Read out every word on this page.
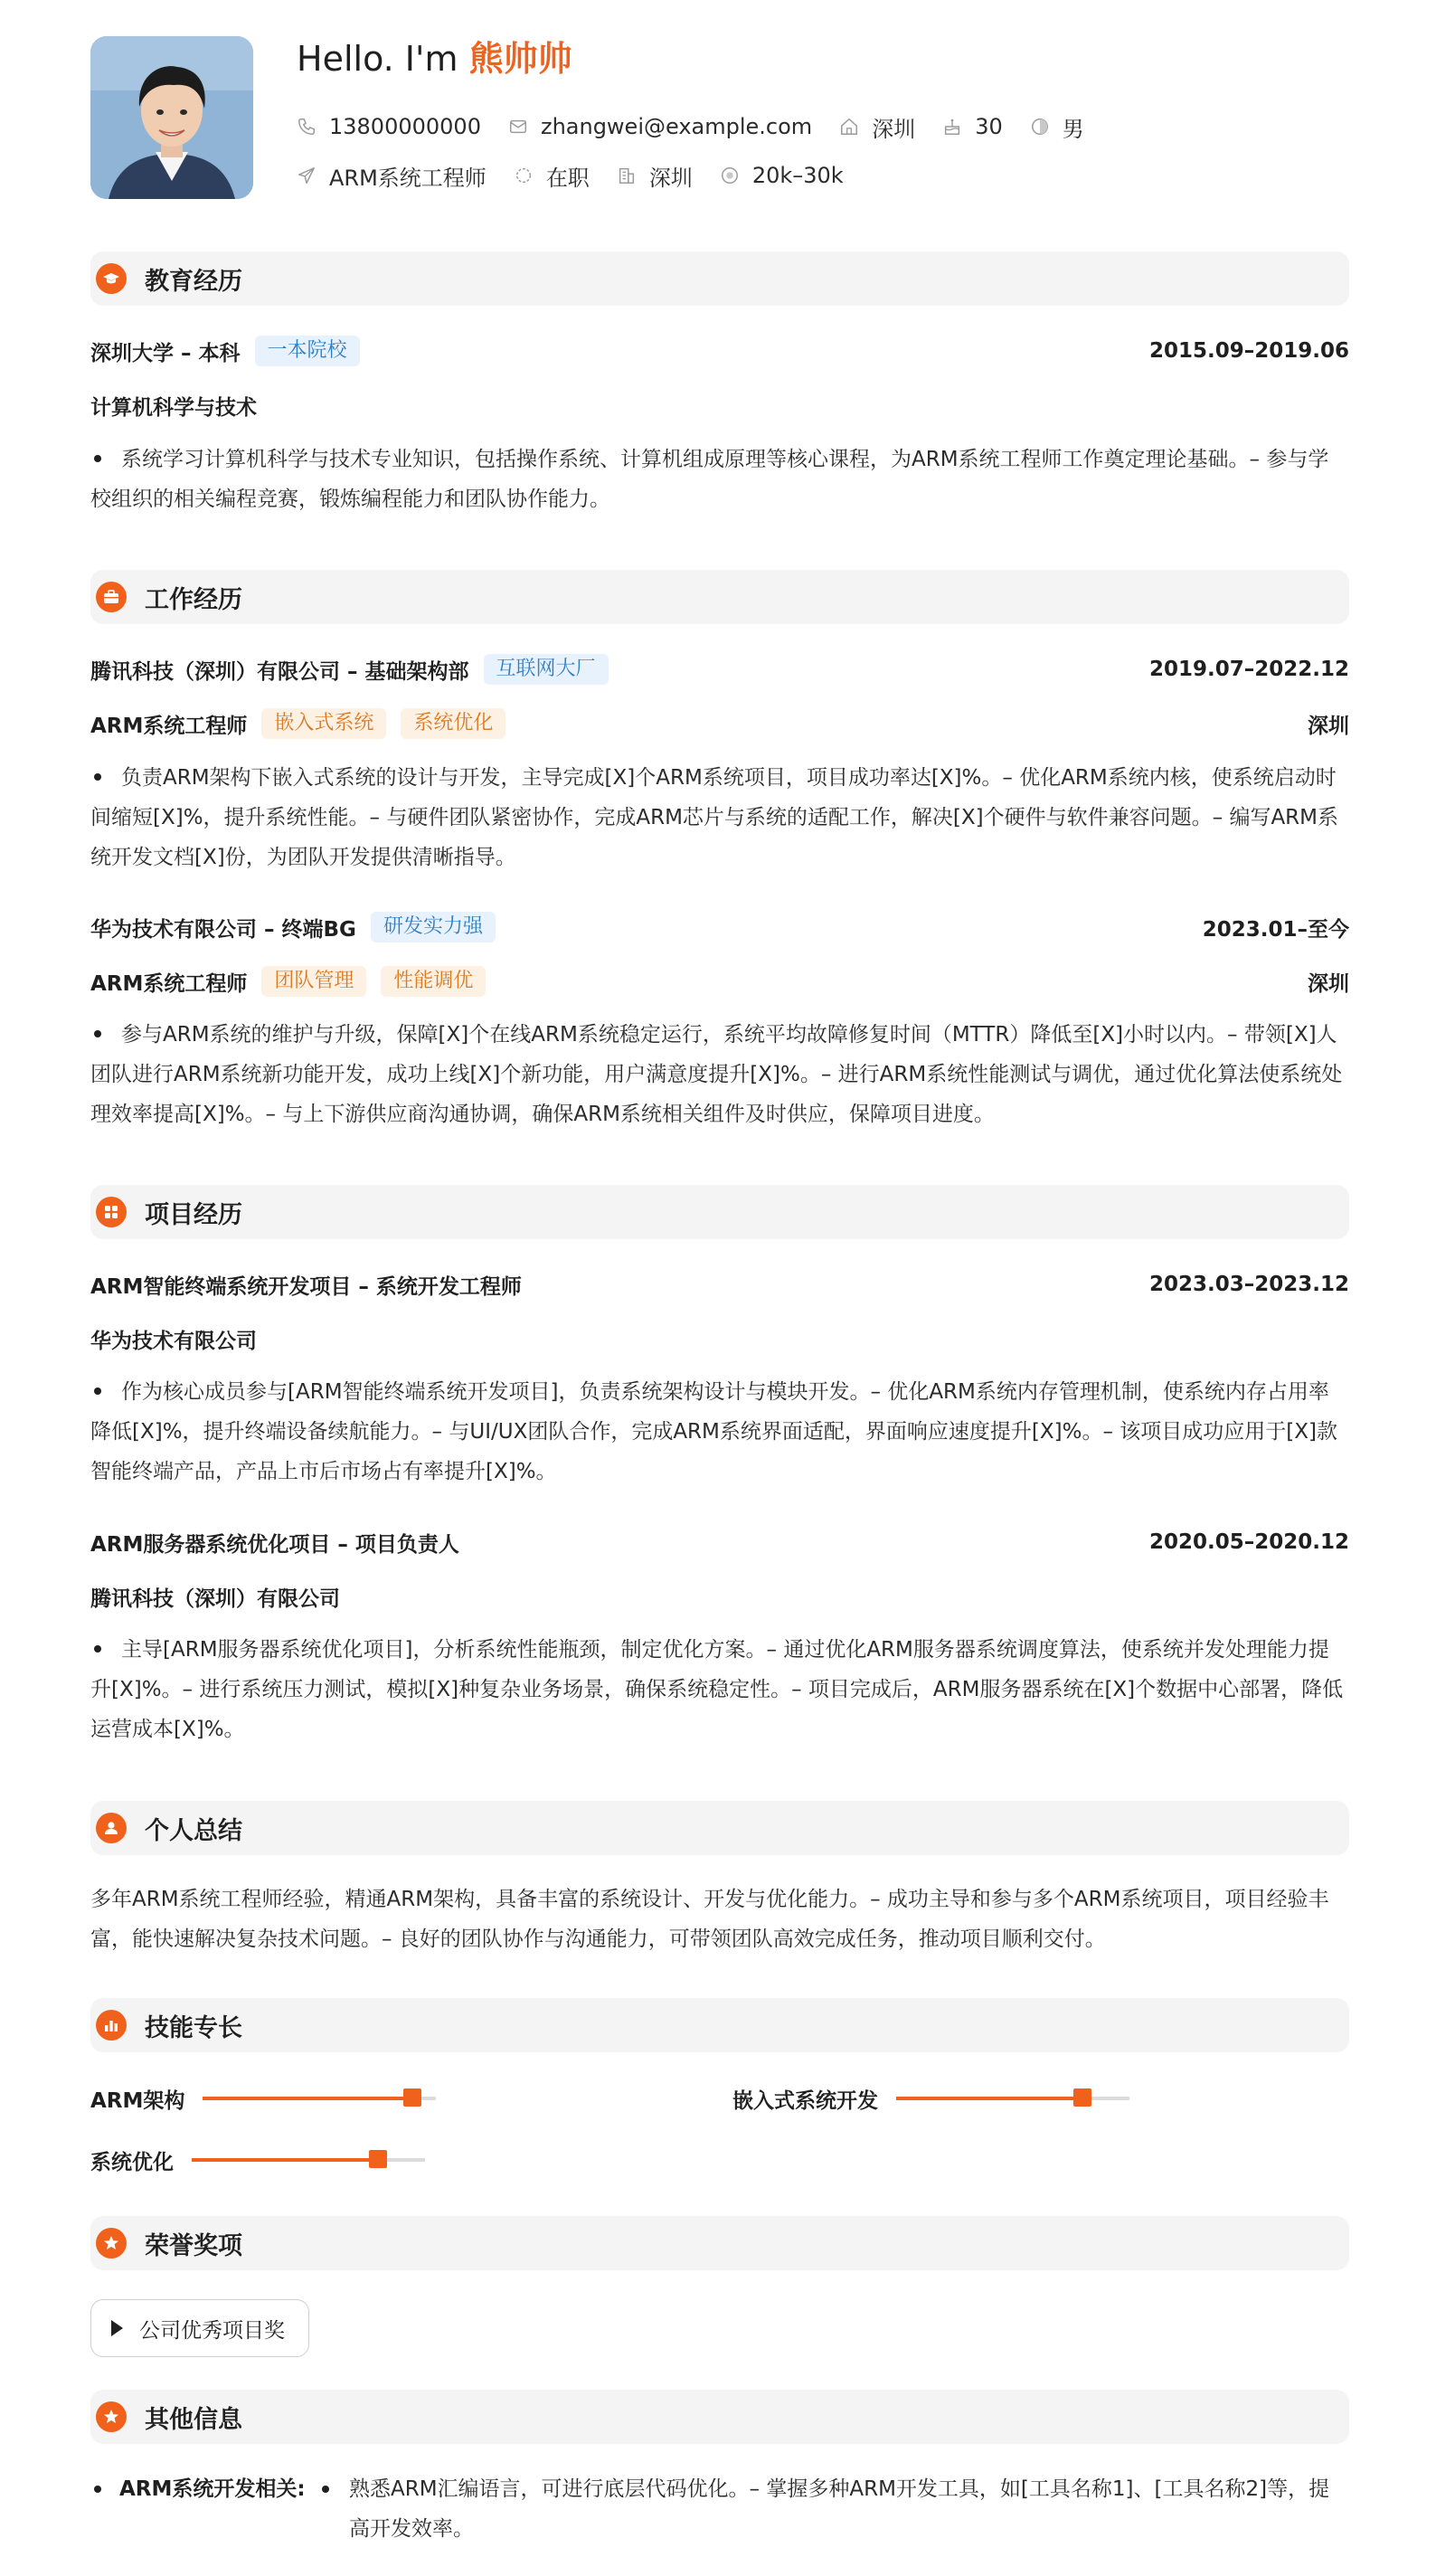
Hello. I'm 熊帅帅
13800000000	zhangwei@example.com	深圳	30	男
ARM系统工程师	在职	深圳	20k–30k
教育经历
深圳大学 – 本科	一本院校	2015.09–2019.06
计算机科学与技术
系统学习计算机科学与技术专业知识，包括操作系统、计算机组成原理等核心课程，为ARM系统工程师工作奠定理论基础。– 参与学校组织的相关编程竞赛，锻炼编程能力和团队协作能力。
工作经历
腾讯科技（深圳）有限公司 – 基础架构部	互联网大厂	2019.07–2022.12
ARM系统工程师	嵌入式系统	系统优化	深圳
负责ARM架构下嵌入式系统的设计与开发，主导完成[X]个ARM系统项目，项目成功率达[X]%。– 优化ARM系统内核，使系统启动时间缩短[X]%，提升系统性能。– 与硬件团队紧密协作，完成ARM芯片与系统的适配工作，解决[X]个硬件与软件兼容问题。– 编写ARM系统开发文档[X]份，为团队开发提供清晰指导。
华为技术有限公司 – 终端BG	研发实力强	2023.01–至今
ARM系统工程师	团队管理	性能调优	深圳
参与ARM系统的维护与升级，保障[X]个在线ARM系统稳定运行，系统平均故障修复时间（MTTR）降低至[X]小时以内。– 带领[X]人团队进行ARM系统新功能开发，成功上线[X]个新功能，用户满意度提升[X]%。– 进行ARM系统性能测试与调优，通过优化算法使系统处理效率提高[X]%。– 与上下游供应商沟通协调，确保ARM系统相关组件及时供应，保障项目进度。
项目经历
ARM智能终端系统开发项目 – 系统开发工程师	2023.03–2023.12
华为技术有限公司
作为核心成员参与[ARM智能终端系统开发项目]，负责系统架构设计与模块开发。– 优化ARM系统内存管理机制，使系统内存占用率降低[X]%，提升终端设备续航能力。– 与UI/UX团队合作，完成ARM系统界面适配，界面响应速度提升[X]%。– 该项目成功应用于[X]款智能终端产品，产品上市后市场占有率提升[X]%。
ARM服务器系统优化项目 – 项目负责人	2020.05–2020.12
腾讯科技（深圳）有限公司
主导[ARM服务器系统优化项目]，分析系统性能瓶颈，制定优化方案。– 通过优化ARM服务器系统调度算法，使系统并发处理能力提升[X]%。– 进行系统压力测试，模拟[X]种复杂业务场景，确保系统稳定性。– 项目完成后，ARM服务器系统在[X]个数据中心部署，降低运营成本[X]%。
个人总结
多年ARM系统工程师经验，精通ARM架构，具备丰富的系统设计、开发与优化能力。– 成功主导和参与多个ARM系统项目，项目经验丰富，能快速解决复杂技术问题。– 良好的团队协作与沟通能力，可带领团队高效完成任务，推动项目顺利交付。
技能专长
ARM架构	嵌入式系统开发
系统优化
荣誉奖项
公司优秀项目奖
其他信息
ARM系统开发相关: 熟悉ARM汇编语言，可进行底层代码优化。– 掌握多种ARM开发工具，如[工具名称1]、[工具名称2]等，提高开发效率。
